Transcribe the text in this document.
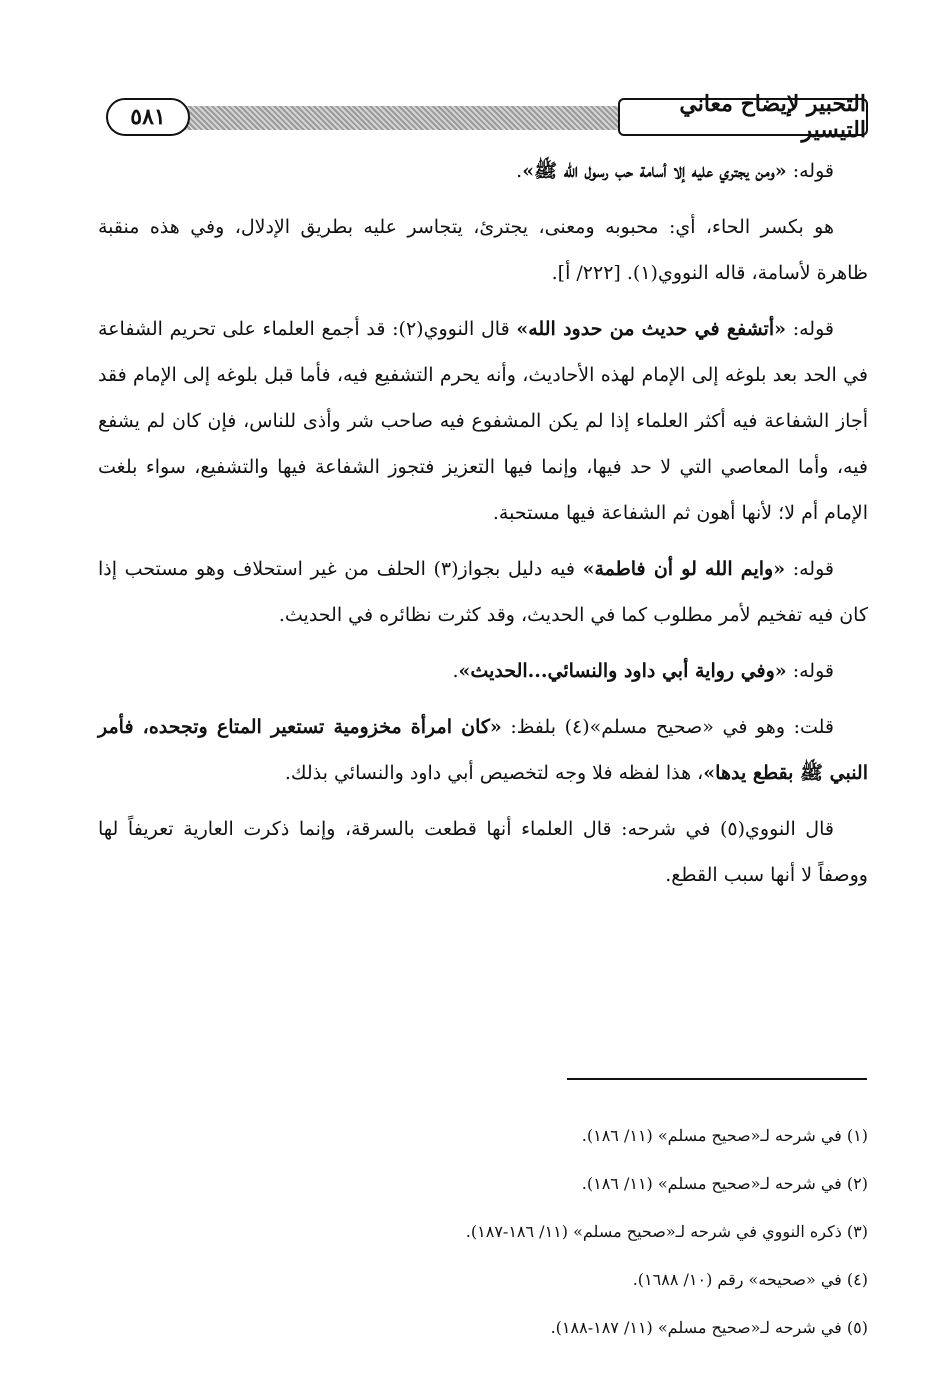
التحبير لإيضاح معاني التيسير
٥٨١

قوله: «ومن يجتري عليه إلا أسامة حب رسول الله ﷺ».

هو بكسر الحاء، أي: محبوبه ومعنى، يجترئ، يتجاسر عليه بطريق الإدلال، وفي هذه منقبة ظاهرة لأسامة، قاله النووي(١). [٢٢٢/ أ].

قوله: «أتشفع في حديث من حدود الله» قال النووي(٢): قد أجمع العلماء على تحريم الشفاعة في الحد بعد بلوغه إلى الإمام لهذه الأحاديث، وأنه يحرم التشفيع فيه، فأما قبل بلوغه إلى الإمام فقد أجاز الشفاعة فيه أكثر العلماء إذا لم يكن المشفوع فيه صاحب شر وأذى للناس، فإن كان لم يشفع فيه، وأما المعاصي التي لا حد فيها، وإنما فيها التعزيز فتجوز الشفاعة فيها والتشفيع، سواء بلغت الإمام أم لا؛ لأنها أهون ثم الشفاعة فيها مستحبة.

قوله: «وايم الله لو أن فاطمة» فيه دليل بجواز(٣) الحلف من غير استحلاف وهو مستحب إذا كان فيه تفخيم لأمر مطلوب كما في الحديث، وقد كثرت نظائره في الحديث.

قوله: «وفي رواية أبي داود والنسائي...الحديث».

قلت: وهو في «صحيح مسلم»(٤) بلفظ: «كان امرأة مخزومية تستعير المتاع وتجحده، فأمر النبي ﷺ بقطع يدها»، هذا لفظه فلا وجه لتخصيص أبي داود والنسائي بذلك.

قال النووي(٥) في شرحه: قال العلماء أنها قطعت بالسرقة، وإنما ذكرت العارية تعريفاً لها ووصفاً لا أنها سبب القطع.

(١) في شرحه لـ«صحيح مسلم» (١١/ ١٨٦).

(٢) في شرحه لـ«صحيح مسلم» (١١/ ١٨٦).

(٣) ذكره النووي في شرحه لـ«صحيح مسلم» (١١/ ١٨٦-١٨٧).

(٤) في «صحيحه» رقم (١٠/ ١٦٨٨).

(٥) في شرحه لـ«صحيح مسلم» (١١/ ١٨٧-١٨٨).
